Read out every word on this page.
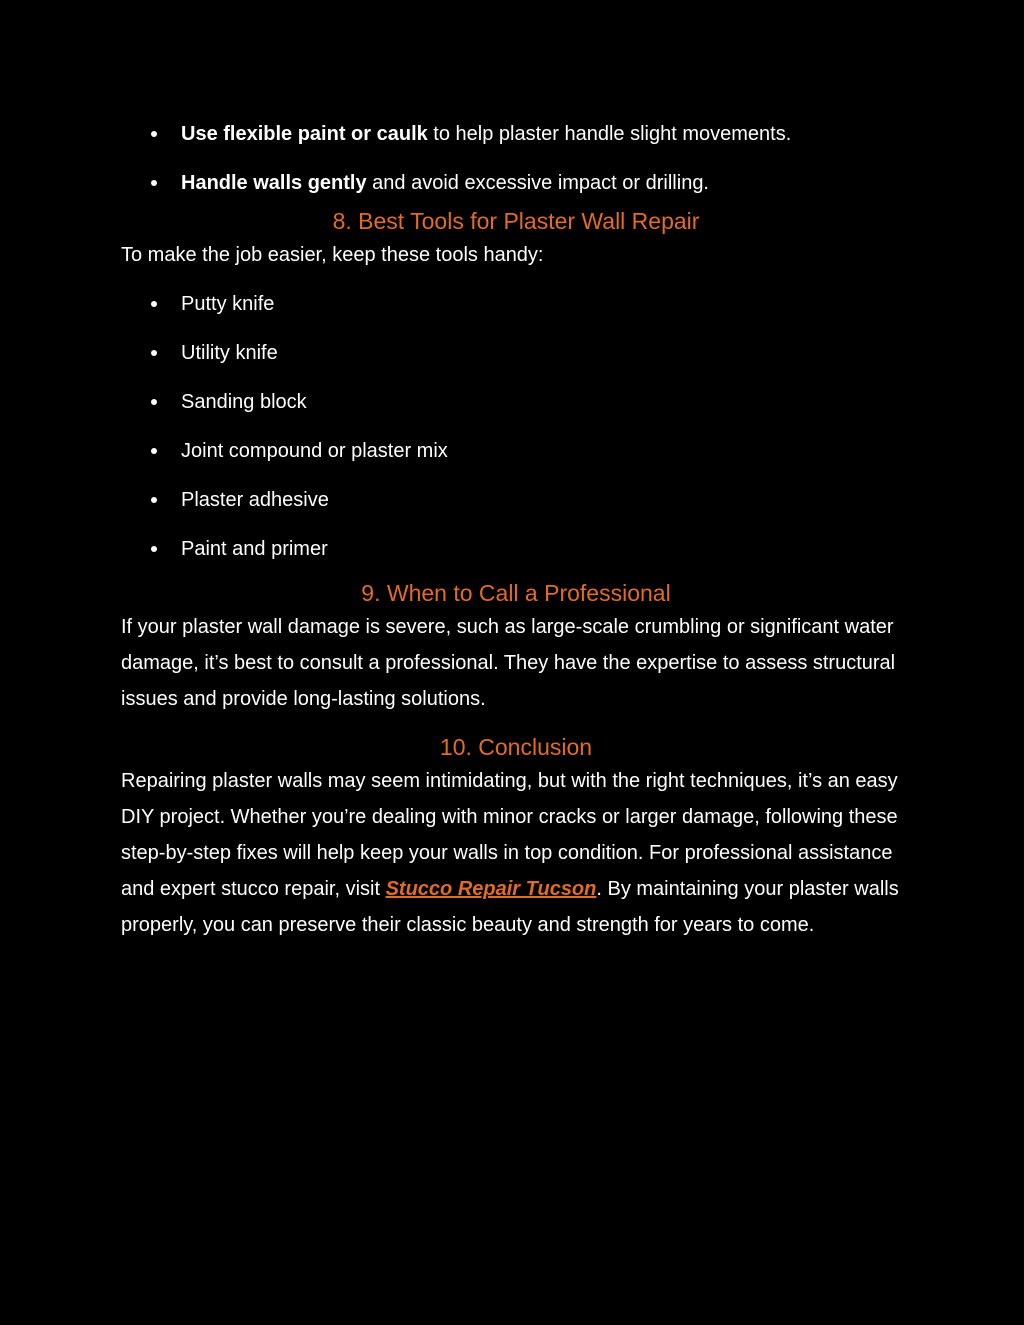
Use flexible paint or caulk to help plaster handle slight movements.
Handle walls gently and avoid excessive impact or drilling.
8. Best Tools for Plaster Wall Repair

To make the job easier, keep these tools handy:

Putty knife
Utility knife
Sanding block
Joint compound or plaster mix
Plaster adhesive
Paint and primer
9. When to Call a Professional

If your plaster wall damage is severe, such as large-scale crumbling or significant water damage, it’s best to consult a professional. They have the expertise to assess structural issues and provide long-lasting solutions.

10. Conclusion

Repairing plaster walls may seem intimidating, but with the right techniques, it’s an easy DIY project. Whether you’re dealing with minor cracks or larger damage, following these step-by-step fixes will help keep your walls in top condition. For professional assistance and expert stucco repair, visit Stucco Repair Tucson. By maintaining your plaster walls properly, you can preserve their classic beauty and strength for years to come.
